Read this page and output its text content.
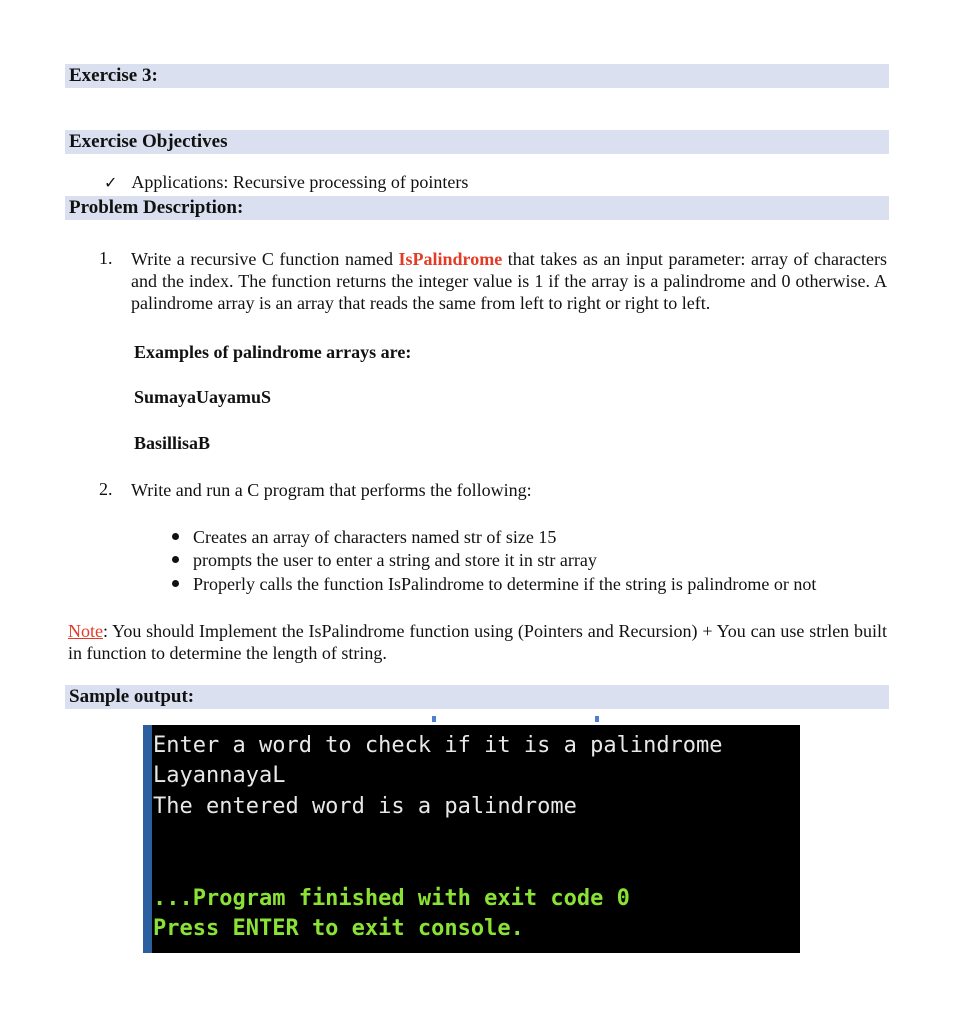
Exercise 3:
Exercise Objectives
✓ Applications: Recursive processing of pointers
Problem Description:
1. Write a recursive C function named IsPalindrome that takes as an input parameter: array of characters and the index. The function returns the integer value is 1 if the array is a palindrome and 0 otherwise. A palindrome array is an array that reads the same from left to right or right to left.
Examples of palindrome arrays are:
SumayaUayamuS
BasillisaB
2. Write and run a C program that performs the following:
Creates an array of characters named str of size 15
prompts the user to enter a string and store it in str array
Properly calls the function IsPalindrome to determine if the string is palindrome or not
Note: You should Implement the IsPalindrome function using (Pointers and Recursion) + You can use strlen built in function to determine the length of string.
Sample output:
Enter a word to check if it is a palindrome
LayannayaL
The entered word is a palindrome
...Program finished with exit code 0
Press ENTER to exit console.
